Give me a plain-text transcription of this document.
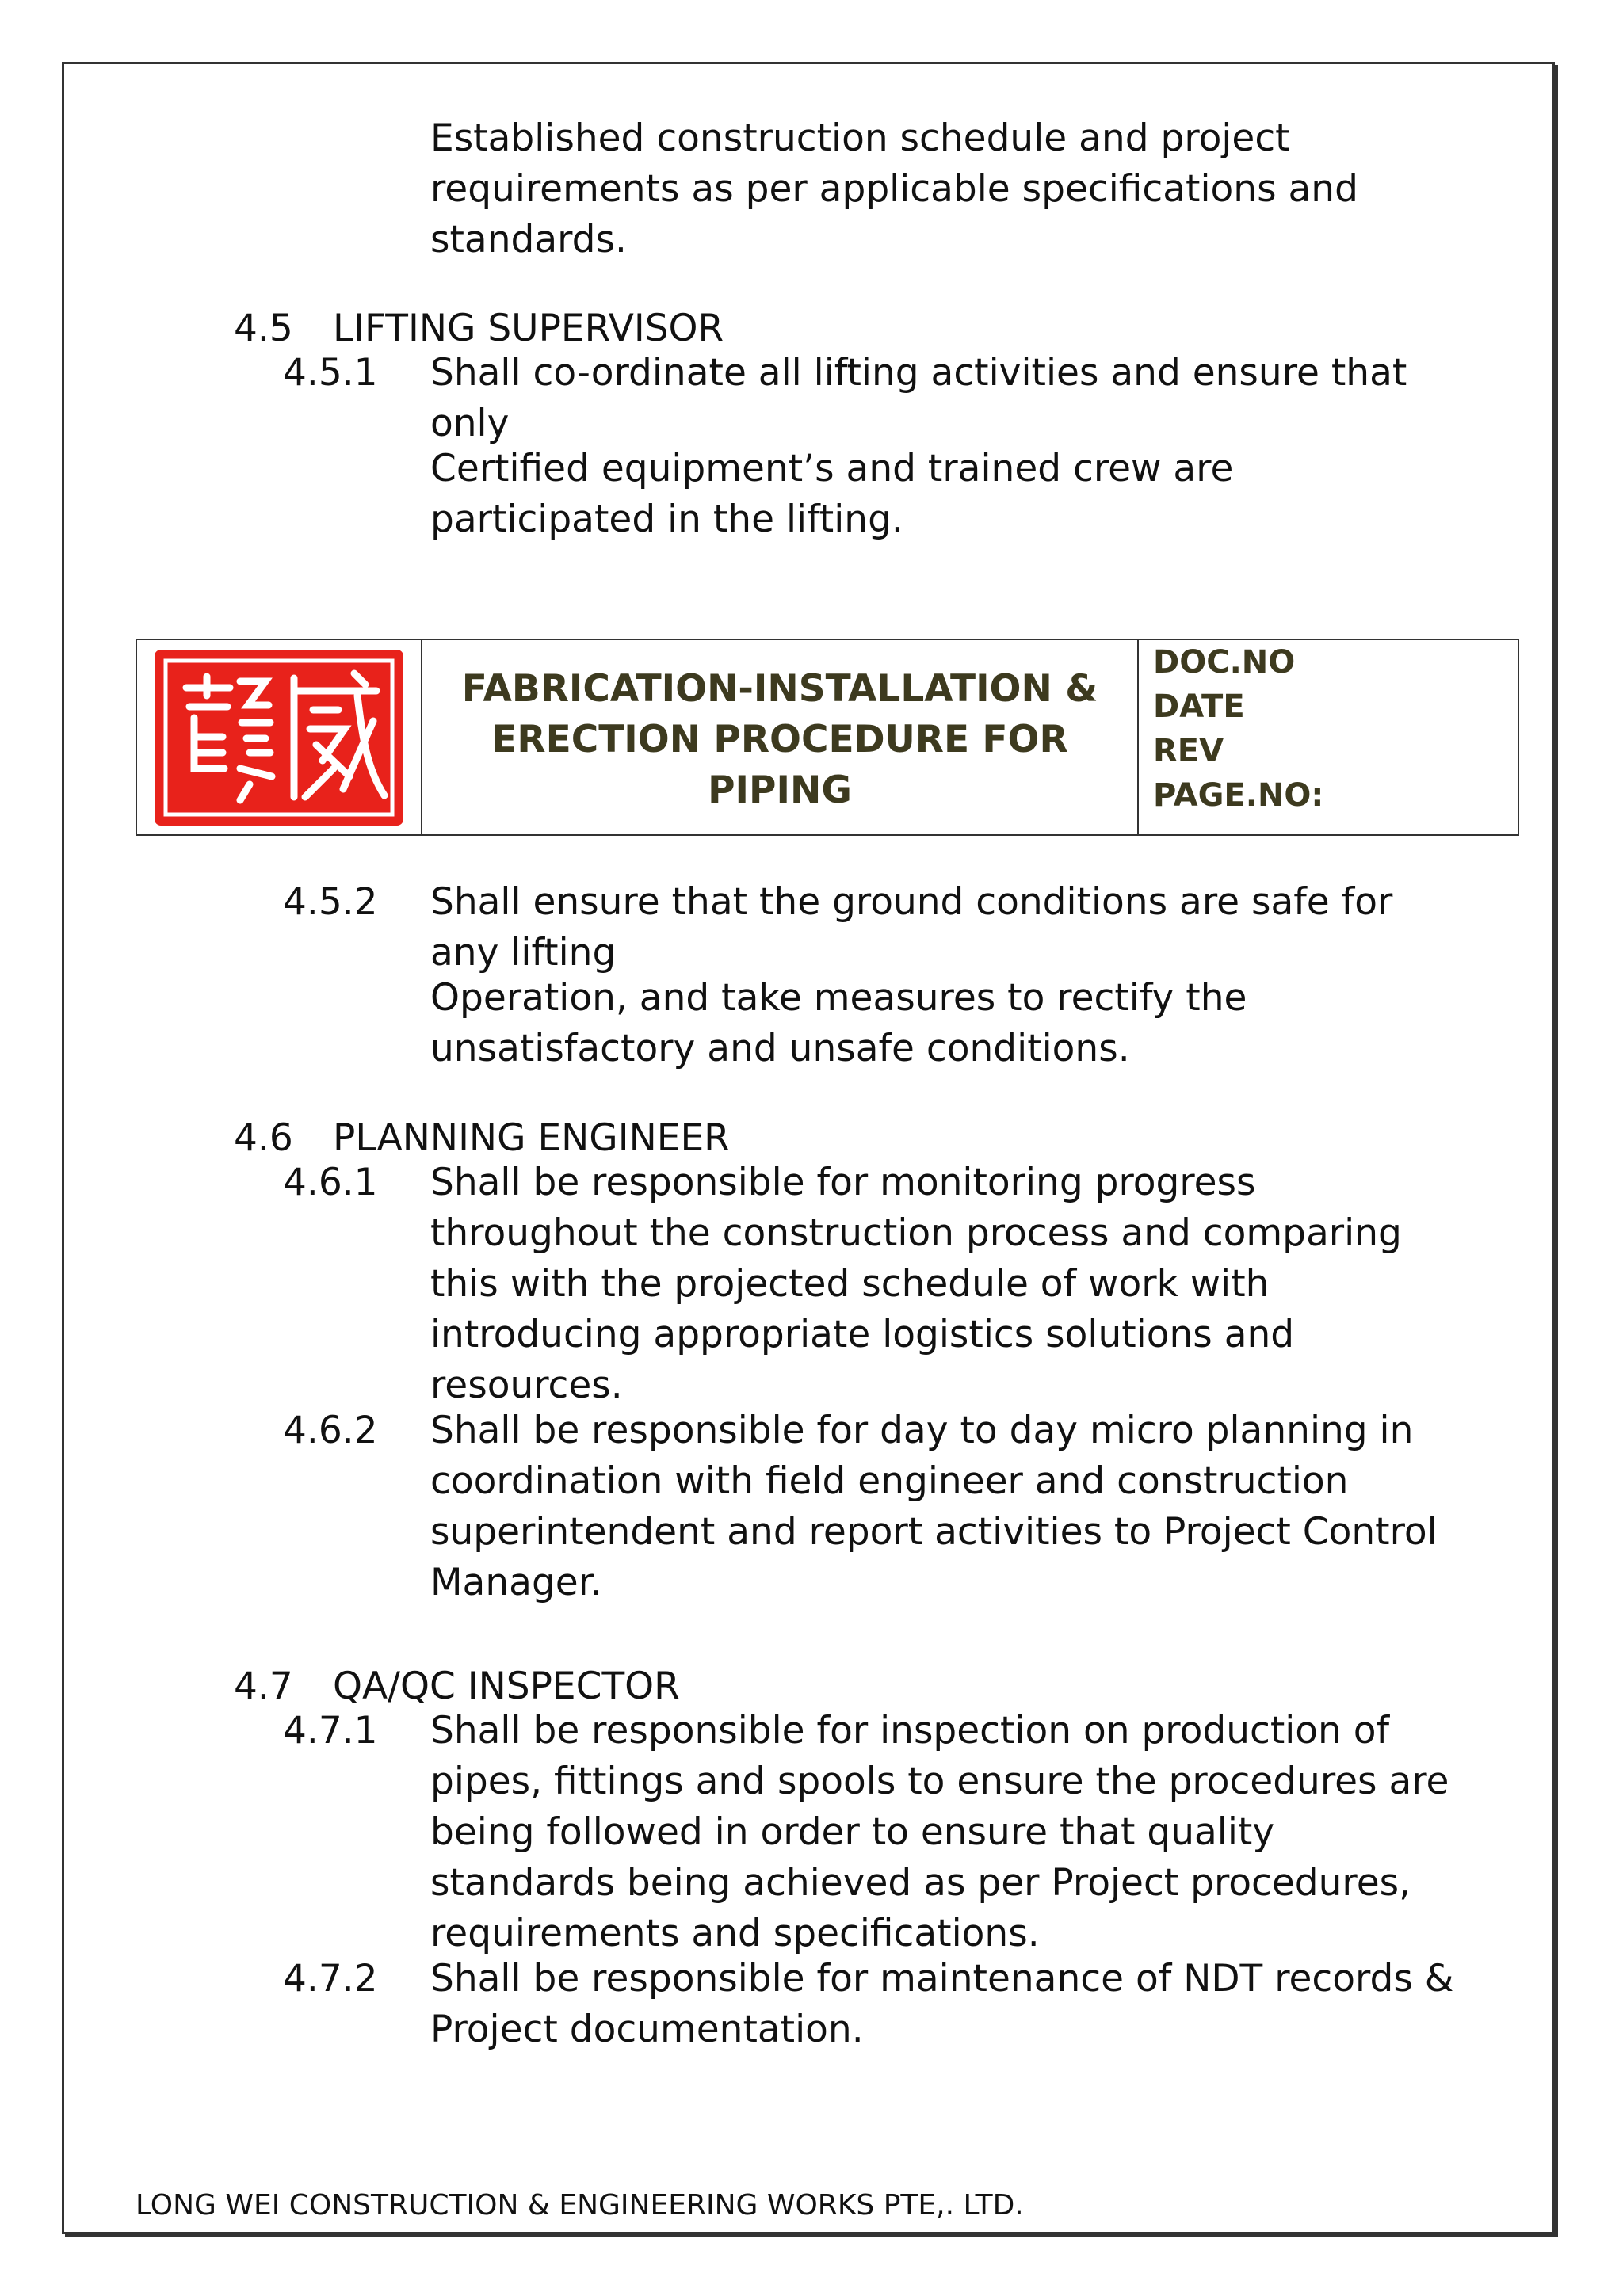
Established construction schedule and project
requirements as per applicable specifications and
standards.
4.5 LIFTING SUPERVISOR
4.5.1 Shall co-ordinate all lifting activities and ensure that
only
Certified equipment’s and trained crew are
participated in the lifting.
FABRICATION-INSTALLATION &
ERECTION PROCEDURE FOR
PIPING
DOC.NO
DATE
REV
PAGE.NO:
4.5.2 Shall ensure that the ground conditions are safe for
any lifting
Operation, and take measures to rectify the
unsatisfactory and unsafe conditions.
4.6 PLANNING ENGINEER
4.6.1 Shall be responsible for monitoring progress
throughout the construction process and comparing
this with the projected schedule of work with
introducing appropriate logistics solutions and
resources.
4.6.2 Shall be responsible for day to day micro planning in
coordination with field engineer and construction
superintendent and report activities to Project Control
Manager.
4.7 QA/QC INSPECTOR
4.7.1 Shall be responsible for inspection on production of
pipes, fittings and spools to ensure the procedures are
being followed in order to ensure that quality
standards being achieved as per Project procedures,
requirements and specifications.
4.7.2 Shall be responsible for maintenance of NDT records &
Project documentation.
LONG WEI CONSTRUCTION & ENGINEERING WORKS PTE,. LTD.
